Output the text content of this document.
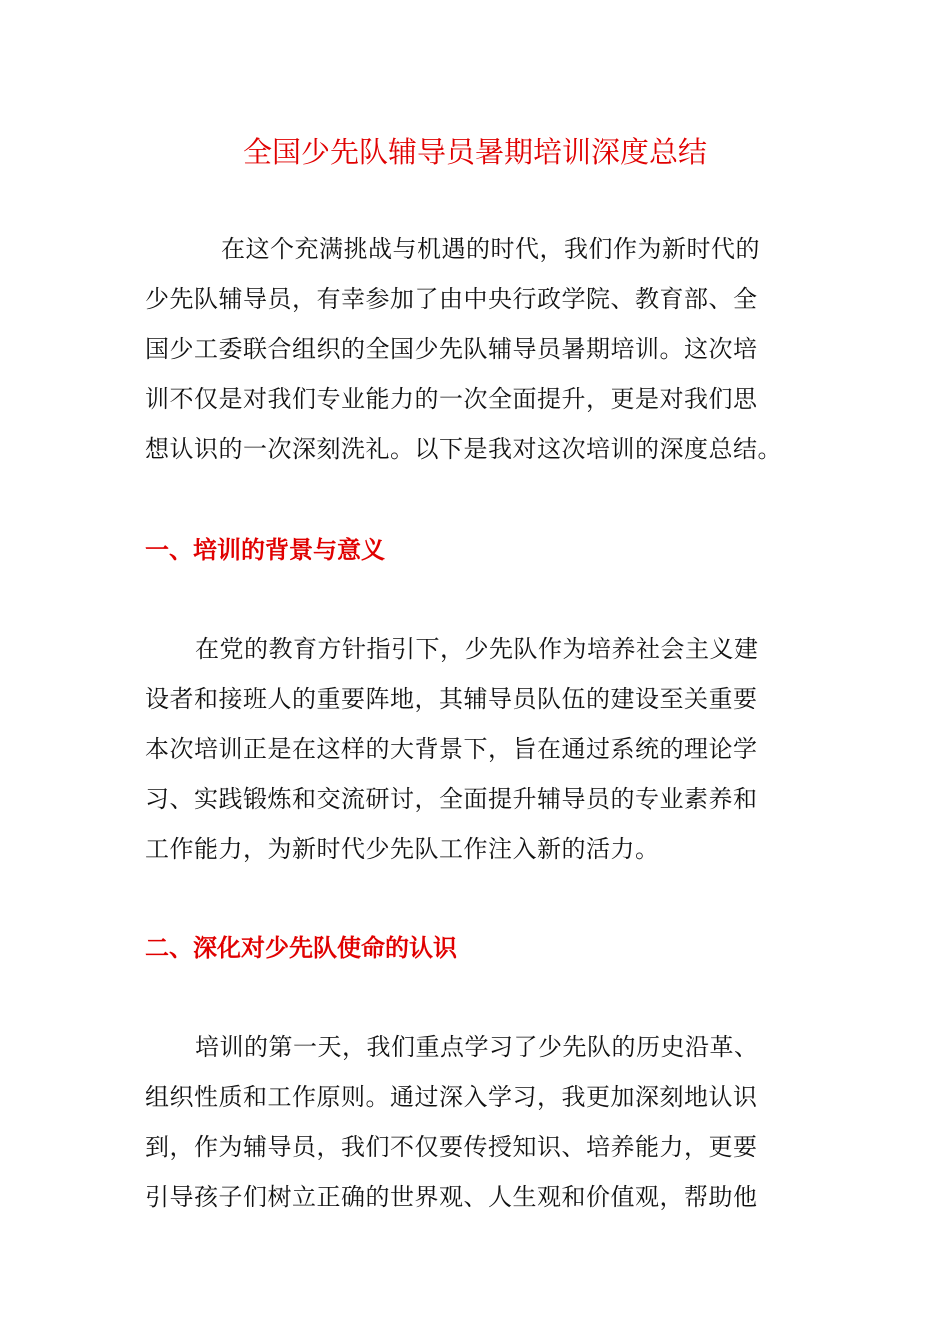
全国少先队辅导员暑期培训深度总结
在这个充满挑战与机遇的时代，我们作为新时代的
少先队辅导员，有幸参加了由中央行政学院、教育部、全
国少工委联合组织的全国少先队辅导员暑期培训。这次培
训不仅是对我们专业能力的一次全面提升，更是对我们思
想认识的一次深刻洗礼。以下是我对这次培训的深度总结。
一、培训的背景与意义
在党的教育方针指引下，少先队作为培养社会主义建
设者和接班人的重要阵地，其辅导员队伍的建设至关重要
本次培训正是在这样的大背景下，旨在通过系统的理论学
习、实践锻炼和交流研讨，全面提升辅导员的专业素养和
工作能力，为新时代少先队工作注入新的活力。
二、深化对少先队使命的认识
培训的第一天，我们重点学习了少先队的历史沿革、
组织性质和工作原则。通过深入学习，我更加深刻地认识
到，作为辅导员，我们不仅要传授知识、培养能力，更要
引导孩子们树立正确的世界观、人生观和价值观，帮助他
